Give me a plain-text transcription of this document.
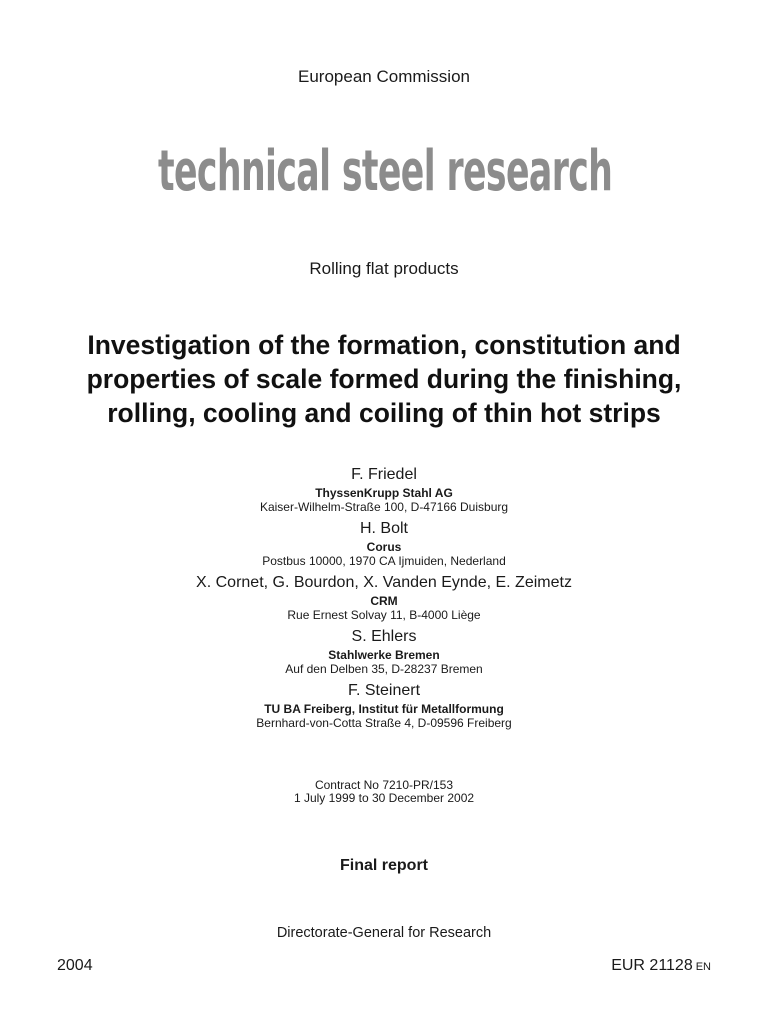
European Commission

technical steel research

Rolling flat products

Investigation of the formation, constitution and
properties of scale formed during the finishing,
rolling, cooling and coiling of thin hot strips
F. Friedel
ThyssenKrupp Stahl AG
Kaiser-Wilhelm-Straße 100, D-47166 Duisburg
H. Bolt
Corus
Postbus 10000, 1970 CA Ijmuiden, Nederland
X. Cornet, G. Bourdon, X. Vanden Eynde, E. Zeimetz
CRM
Rue Ernest Solvay 11, B-4000 Liège
S. Ehlers
Stahlwerke Bremen
Auf den Delben 35, D-28237 Bremen
F. Steinert
TU BA Freiberg, Institut für Metallformung
Bernhard-von-Cotta Straße 4, D-09596 Freiberg
Contract No 7210-PR/153
1 July 1999 to 30 December 2002

Final report

Directorate-General for Research

2004	EUR 21128 EN
